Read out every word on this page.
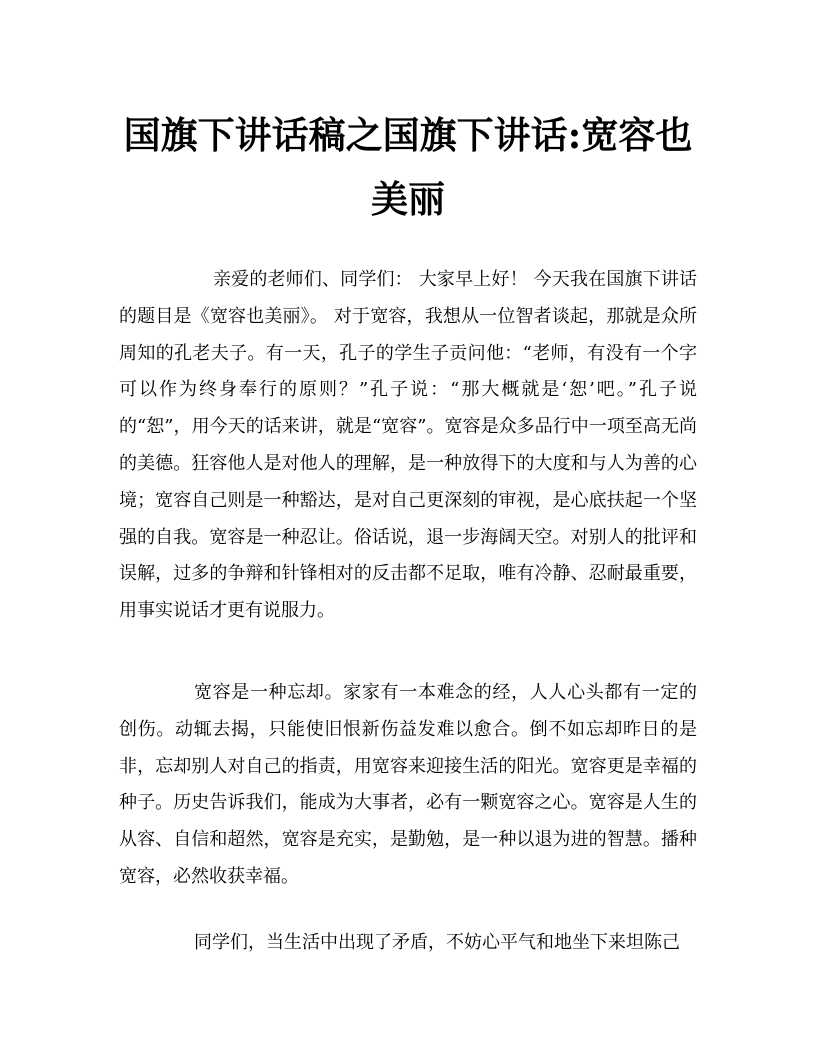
国旗下讲话稿之国旗下讲话:宽容也美丽

亲爱的老师们、同学们： 大家早上好！ 今天我在国旗下讲话的题目是《宽容也美丽》。 对于宽容，我想从一位智者谈起，那就是众所周知的孔老夫子。有一天，孔子的学生子贡问他：“老师，有没有一个字可以作为终身奉行的原则？”孔子说：“那大概就是‘恕’吧。”孔子说的“恕”，用今天的话来讲，就是“宽容”。宽容是众多品行中一项至高无尚的美德。狂容他人是对他人的理解，是一种放得下的大度和与人为善的心境；宽容自己则是一种豁达，是对自己更深刻的审视，是心底扶起一个坚强的自我。宽容是一种忍让。俗话说，退一步海阔天空。对别人的批评和误解，过多的争辩和针锋相对的反击都不足取，唯有冷静、忍耐最重要，用事实说话才更有说服力。

宽容是一种忘却。家家有一本难念的经，人人心头都有一定的创伤。动辄去揭，只能使旧恨新伤益发难以愈合。倒不如忘却昨日的是非，忘却别人对自己的指责，用宽容来迎接生活的阳光。宽容更是幸福的种子。历史告诉我们，能成为大事者，必有一颗宽容之心。宽容是人生的从容、自信和超然，宽容是充实，是勤勉，是一种以退为进的智慧。播种宽容，必然收获幸福。

同学们，当生活中出现了矛盾，不妨心平气和地坐下来坦陈己
